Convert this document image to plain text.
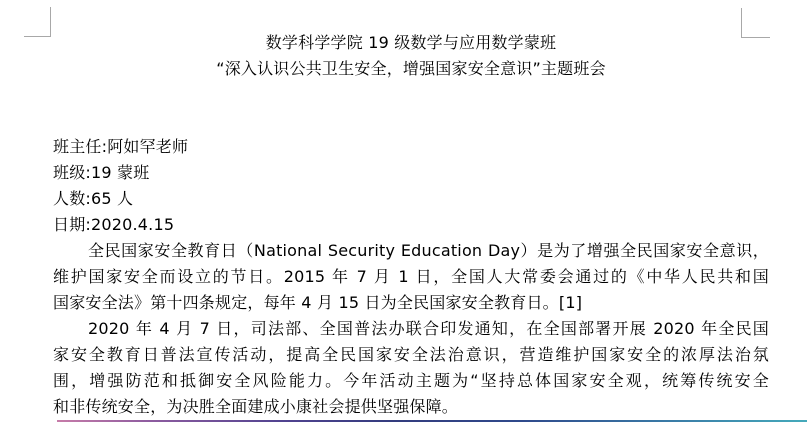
数学科学学院 19 级数学与应用数学蒙班
“深入认识公共卫生安全，增强国家安全意识”主题班会
班主任:阿如罕老师
班级:19 蒙班
人数:65 人
日期:2020.4.15
全民国家安全教育日（National Security Education Day）是为了增强全民国家安全意识，
维护国家安全而设立的节日。2015 年 7 月 1 日，全国人大常委会通过的《中华人民共和国
国家安全法》第十四条规定，每年 4 月 15 日为全民国家安全教育日。[1]
2020 年 4 月 7 日，司法部、全国普法办联合印发通知，在全国部署开展 2020 年全民国
家安全教育日普法宣传活动，提高全民国家安全法治意识，营造维护国家安全的浓厚法治氛
围，增强防范和抵御安全风险能力。今年活动主题为“坚持总体国家安全观，统筹传统安全
和非传统安全，为决胜全面建成小康社会提供坚强保障。
